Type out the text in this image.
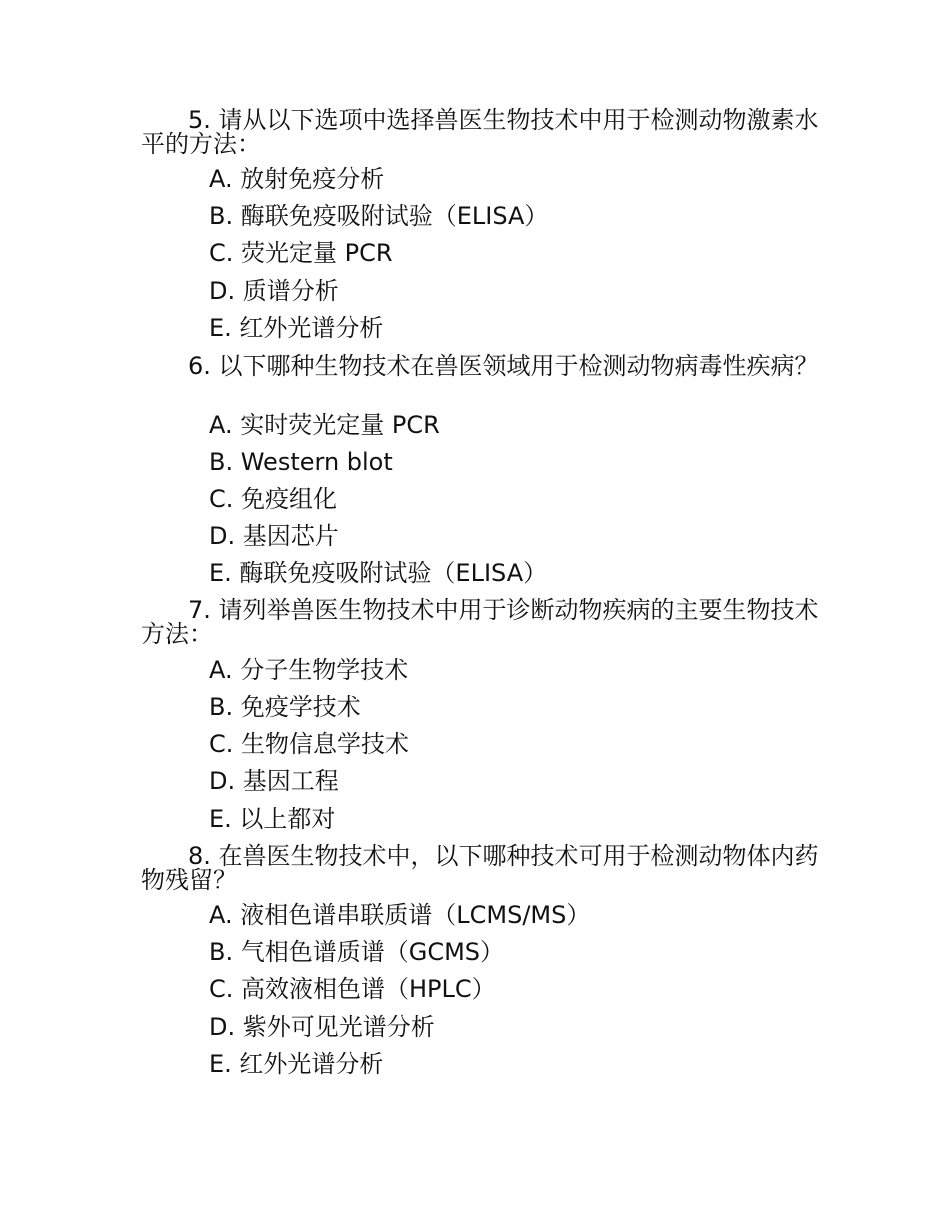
5. 请从以下选项中选择兽医生物技术中用于检测动物激素水平的方法：
A. 放射免疫分析
B. 酶联免疫吸附试验（ELISA）
C. 荧光定量 PCR
D. 质谱分析
E. 红外光谱分析
6. 以下哪种生物技术在兽医领域用于检测动物病毒性疾病？
A. 实时荧光定量 PCR
B. Western blot
C. 免疫组化
D. 基因芯片
E. 酶联免疫吸附试验（ELISA）
7. 请列举兽医生物技术中用于诊断动物疾病的主要生物技术方法：
A. 分子生物学技术
B. 免疫学技术
C. 生物信息学技术
D. 基因工程
E. 以上都对
8. 在兽医生物技术中，以下哪种技术可用于检测动物体内药物残留？
A. 液相色谱串联质谱（LCMS/MS）
B. 气相色谱质谱（GCMS）
C. 高效液相色谱（HPLC）
D. 紫外可见光谱分析
E. 红外光谱分析
